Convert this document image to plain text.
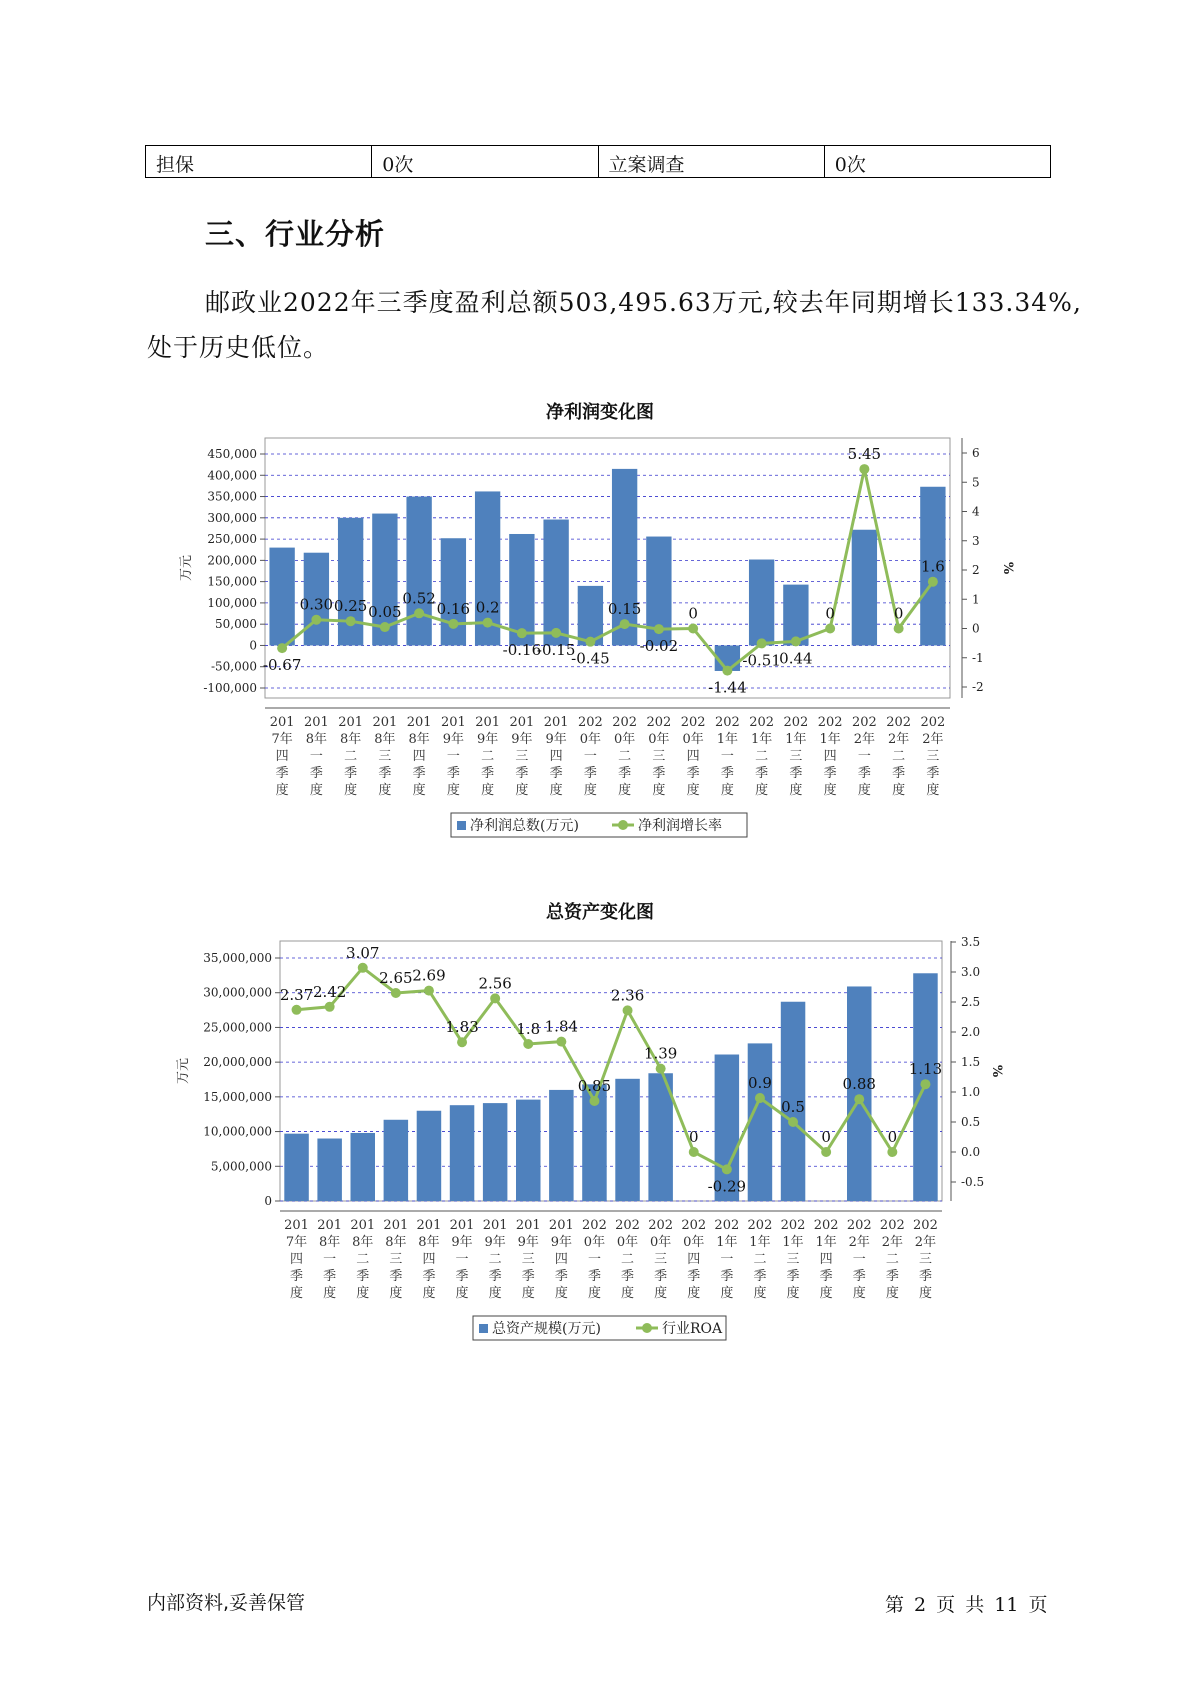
担保	0次	立案调查	0次
三、行业分析
邮政业2022年三季度盈利总额503,495.63万元,较去年同期增长133.34%,处于历史低位。
净利润变化图
450,000
400,000
350,000
300,000
250,000
200,000
150,000
100,000
50,000
0
-50,000
-100,000
6
5
4
3
2
1
0
-1
-2
万元	%
-0.67
0.30 0.25 0.05
0.52
0.16 0.2
-0.16
-0.15
-0.45
0.15
-0.02
0
-1.44
-0.51
0.44
0
5.45
0
1.6
201
7年
四
季
度
201
8年
一
季
度
201
8年
二
季
度
201
8年
三
季
度
201
8年
四
季
度
201
9年
一
季
度
201
9年
二
季
度
201
9年
三
季
度
201
9年
四
季
度
202
0年
一
季
度
202
0年
二
季
度
202
0年
三
季
度
202
0年
四
季
度
202
1年
一
季
度
202
1年
二
季
度
202
1年
三
季
度
202
1年
四
季
度
202
2年
一
季
度
202
2年
二
季
度
202
2年
三
季
度
净利润总数(万元)	净利润增长率
总资产变化图
35,000,000
30,000,000
25,000,000
20,000,000
15,000,000
10,000,000
5,000,000
0
3.5
3.0
2.5
2.0
1.5
1.0
0.5
0.0
-0.5
万元	%
2.37 2.42
3.07
2.65 2.69
1.83
2.56
1.8 1.84
0.85
2.36
1.39
0
-0.29
0.9
0.5
0
0.88
0
1.13
201
7年
四
季
度
201
8年
一
季
度
201
8年
二
季
度
201
8年
三
季
度
201
8年
四
季
度
201
9年
一
季
度
201
9年
二
季
度
201
9年
三
季
度
201
9年
四
季
度
202
0年
一
季
度
202
0年
二
季
度
202
0年
三
季
度
202
0年
四
季
度
202
1年
一
季
度
202
1年
二
季
度
202
1年
三
季
度
202
1年
四
季
度
202
2年
一
季
度
202
2年
二
季
度
202
2年
三
季
度
总资产规模(万元)	行业ROA
内部资料,妥善保管	第 2 页 共 11 页
